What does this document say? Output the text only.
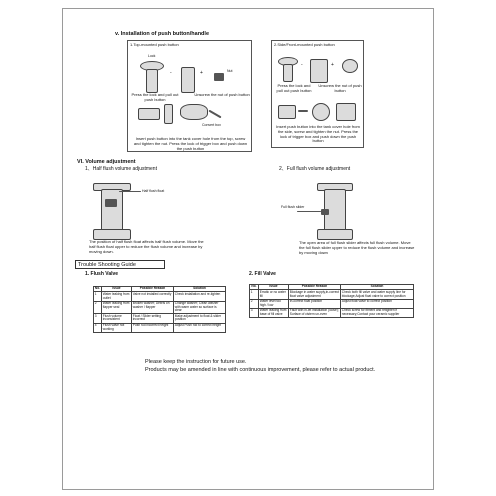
v. Installation of push button/handle
1.Top-mounted push button
Lock
-	+	Nut
Press the lock and pull out push button
Unscrew the nut of push button
Convert box
Insert push button into the tank cover hole from the top, screw and tighten the nut. Press the lock of trigger box and push down the push button
2.Side/Front-mounted push button
-	+
Press the lock and pull out push button
Unscrew the nut of push button
Insert push button into the tank cover hole from the side, screw and tighten the nut. Press the lock of trigger box and push down the push button
VI. Volume adjustment
1、Half flush volume adjustment	2、Full flush volume adjustment
Half flush float
The position of half flush float affects half flush volume. Move the half flush float upper to reduce the flush volume and increase by moving down.
Full flush slider
The open area of full flush slider affects full flush volume. Move the full flush slider upper to reduce the flush volume and increase by moving down
Trouble Shooting Guide
1. Flush Valve
No.	Issue	Possible Reason	Solution
1	Water leaking from outlet	Valve not installed correctly	Check installation and re-tighten
2	Water leaking from flapper seal	Broken washer; Debris on washer / flapper	Change washer; Clean washer with warm water so surface is clear
3	Flush volume inconsistent	Float / Slider setting incorrect	Make adjustment to float & slider position
4	Flush valve not working	Push rod incorrect height	Adjust Push rod to correct height
2. Fill Valve
No.	Issue	Possible Reason	Solution
1	Erratic or no water fill	Blockage in water supply,in-correct float valve adjustment	Check both fill valve and water supply line for blockage;Adjust float valve to correct position
2	Water level too high / low	In-correct float position	Adjust float valve to correct position
3	Water leaking from base of fill valve	Fault with in-let installation (loose); Surface of cistern un-even	Check screw for fitment and retighten if necessary;Contact your ceramic supplier
Please keep the instruction for future use.
Products may be amended in line with continuous improvement, please refer to actual product.
